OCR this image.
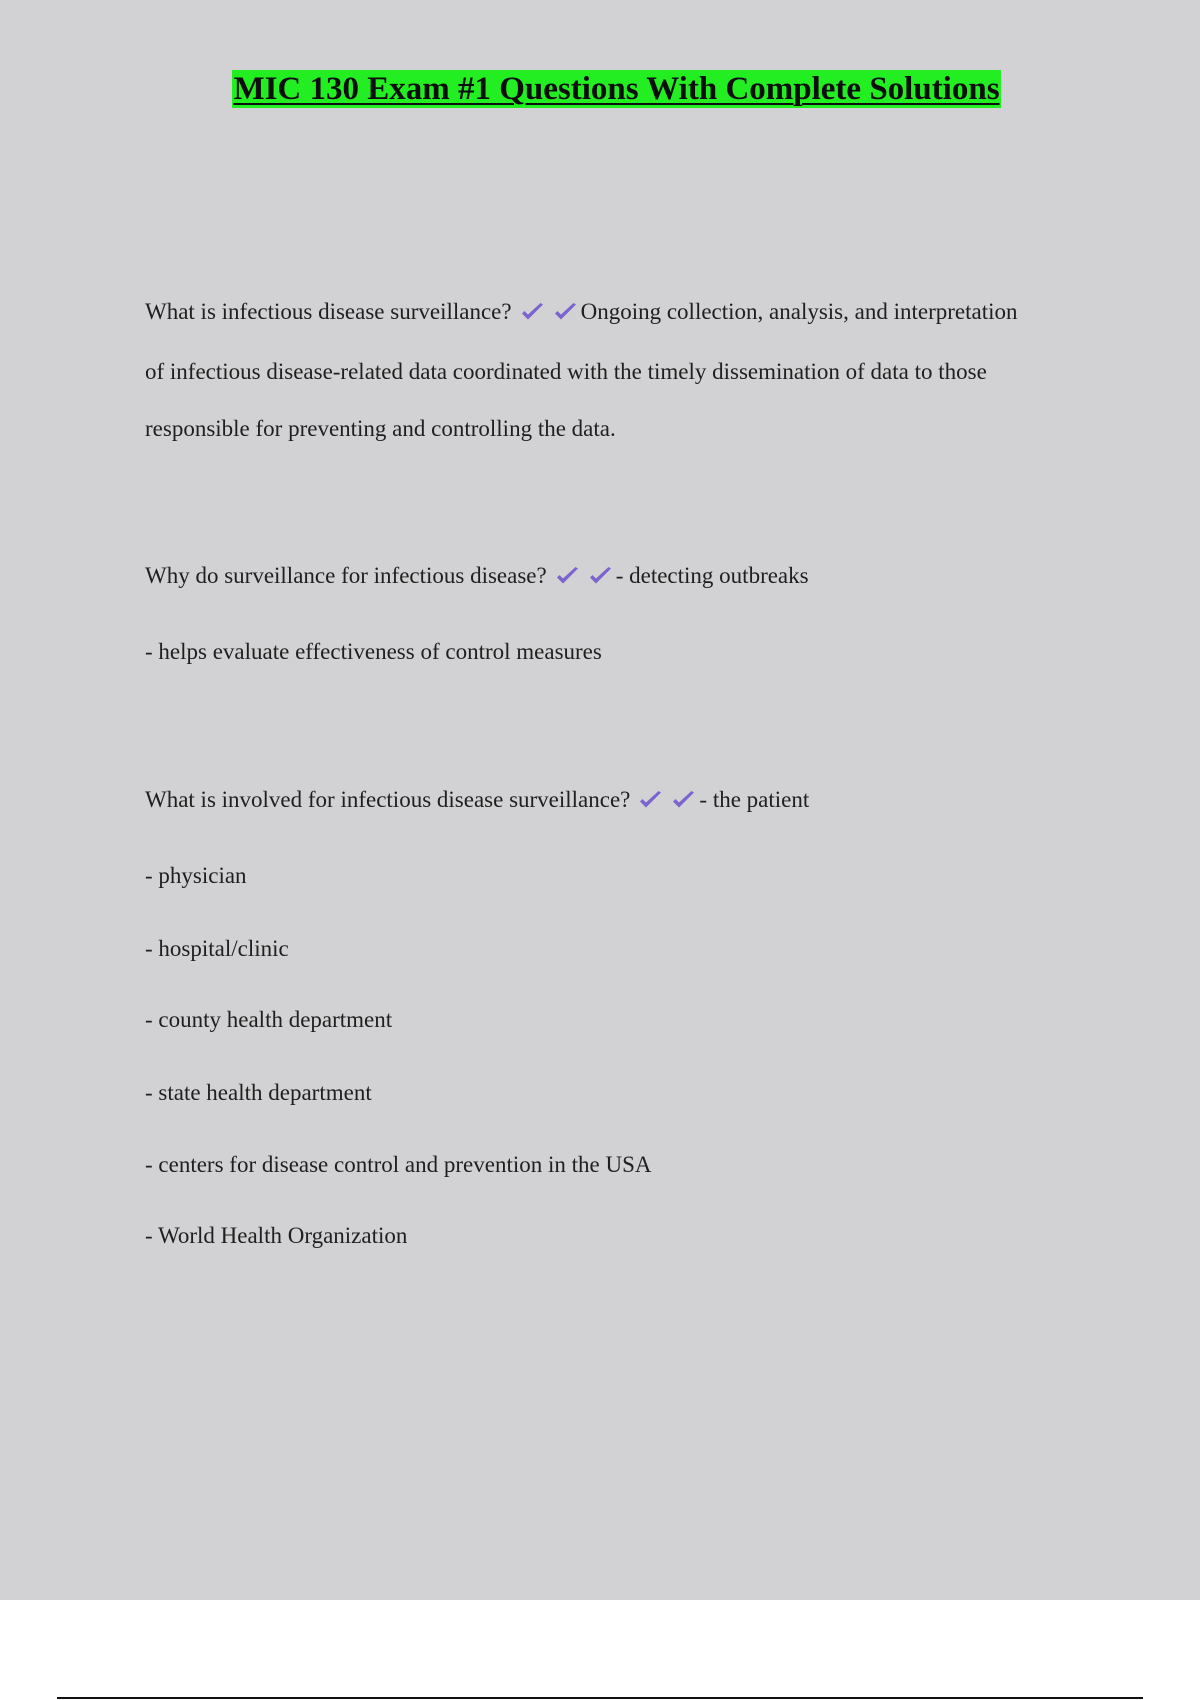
MIC 130 Exam #1 Questions With Complete Solutions
What is infectious disease surveillance?	Ongoing collection, analysis, and interpretation
of infectious disease-related data coordinated with the timely dissemination of data to those
responsible for preventing and controlling the data.
Why do surveillance for infectious disease?	- detecting outbreaks
- helps evaluate effectiveness of control measures
What is involved for infectious disease surveillance?	- the patient
- physician
- hospital/clinic
- county health department
- state health department
- centers for disease control and prevention in the USA
- World Health Organization
